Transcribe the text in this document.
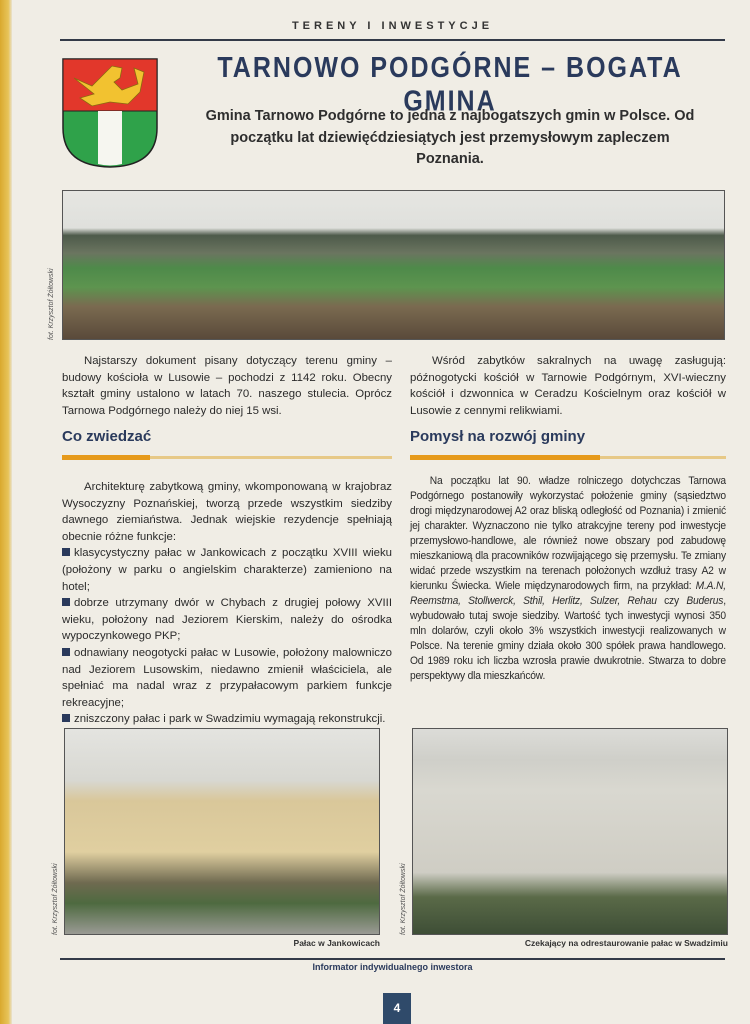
TERENY I INWESTYCJE
TARNOWO PODGÓRNE – BOGATA GMINA
Gmina Tarnowo Podgórne to jedna z najbogatszych gmin w Polsce. Od początku lat dziewięćdziesiątych jest przemysłowym zapleczem Poznania.
fot. Krzysztof Żółtowski

Najstarszy dokument pisany dotyczący terenu gminy – budowy kościoła w Lusowie – pochodzi z 1142 roku. Obecny kształt gminy ustalono w latach 70. naszego stulecia. Oprócz Tarnowa Podgórnego należy do niej 15 wsi.

Wśród zabytków sakralnych na uwagę zasługują: późnogotycki kościół w Tarnowie Podgórnym, XVI-wieczny kościół i dzwonnica w Ceradzu Kościelnym oraz kościół w Lusowie z cennymi relikwiami.

Co zwiedzać	Pomysł na rozwój gminy

Architekturę zabytkową gminy, wkomponowaną w krajobraz Wysoczyzny Poznańskiej, tworzą przede wszystkim siedziby dawnego ziemiaństwa. Jednak wiejskie rezydencje spełniają obecnie różne funkcje:

klasycystyczny pałac w Jankowicach z początku XVIII wieku (położony w parku o angielskim charakterze) zamieniono na hotel;

dobrze utrzymany dwór w Chybach z drugiej połowy XVIII wieku, położony nad Jeziorem Kierskim, należy do ośrodka wypoczynkowego PKP;

odnawiany neogotycki pałac w Lusowie, położony malowniczo nad Jeziorem Lusowskim, niedawno zmienił właściciela, ale spełniać ma nadal wraz z przypałacowym parkiem funkcje rekreacyjne;

zniszczony pałac i park w Swadzimiu wymagają rekonstrukcji.

Na początku lat 90. władze rolniczego dotychczas Tarnowa Podgórnego postanowiły wykorzystać położenie gminy (sąsiedztwo drogi międzynarodowej A2 oraz bliską odległość od Poznania) i zmienić jej charakter. Wyznaczono nie tylko atrakcyjne tereny pod inwestycje przemysłowo-handlowe, ale również nowe obszary pod zabudowę mieszkaniową dla pracowników rozwijającego się przemysłu. Te zmiany widać przede wszystkim na terenach położonych wzdłuż trasy A2 w kierunku Świecka. Wiele międzynarodowych firm, na przykład: M.A.N, Reemstma, Stollwerck, Sthil, Herlitz, Sulzer, Rehau czy Buderus, wybudowało tutaj swoje siedziby. Wartość tych inwestycji wynosi 350 mln dolarów, czyli około 3% wszystkich inwestycji realizowanych w Polsce. Na terenie gminy działa około 300 spółek prawa handlowego. Od 1989 roku ich liczba wzrosła prawie dwukrotnie. Stwarza to dobre perspektywy dla mieszkańców.

fot. Krzysztof Żółtowski	fot. Krzysztof Żółtowski
Pałac w Jankowicach	Czekający na odrestaurowanie pałac w Swadzimiu
Informator indywidualnego inwestora
4
